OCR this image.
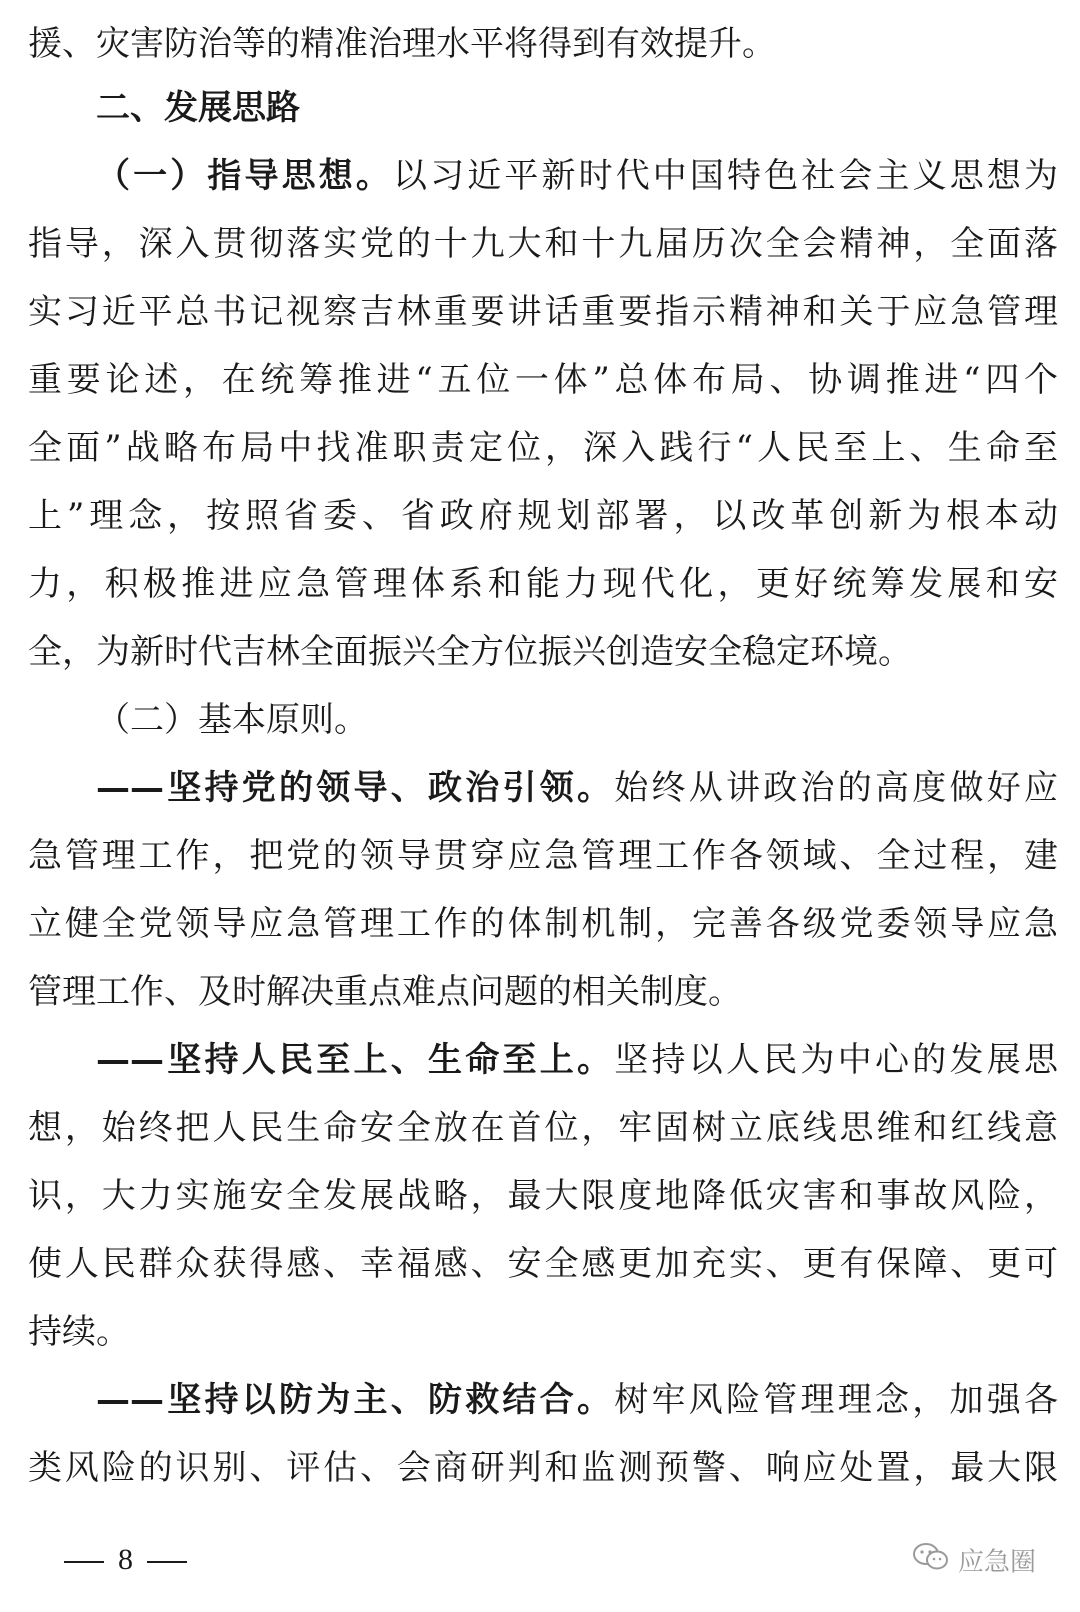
援、灾害防治等的精准治理水平将得到有效提升。
二、发展思路
（一）指导思想。以习近平新时代中国特色社会主义思想为
指导，深入贯彻落实党的十九大和十九届历次全会精神，全面落
实习近平总书记视察吉林重要讲话重要指示精神和关于应急管理
重要论述，在统筹推进“五位一体”总体布局、协调推进“四个
全面”战略布局中找准职责定位，深入践行“人民至上、生命至
上”理念，按照省委、省政府规划部署，以改革创新为根本动
力，积极推进应急管理体系和能力现代化，更好统筹发展和安
全，为新时代吉林全面振兴全方位振兴创造安全稳定环境。
（二）基本原则。
——坚持党的领导、政治引领。始终从讲政治的高度做好应
急管理工作，把党的领导贯穿应急管理工作各领域、全过程，建
立健全党领导应急管理工作的体制机制，完善各级党委领导应急
管理工作、及时解决重点难点问题的相关制度。
——坚持人民至上、生命至上。坚持以人民为中心的发展思
想，始终把人民生命安全放在首位，牢固树立底线思维和红线意
识，大力实施安全发展战略，最大限度地降低灾害和事故风险，
使人民群众获得感、幸福感、安全感更加充实、更有保障、更可
持续。
——坚持以防为主、防救结合。树牢风险管理理念，加强各
类风险的识别、评估、会商研判和监测预警、响应处置，最大限
8	应急圈
